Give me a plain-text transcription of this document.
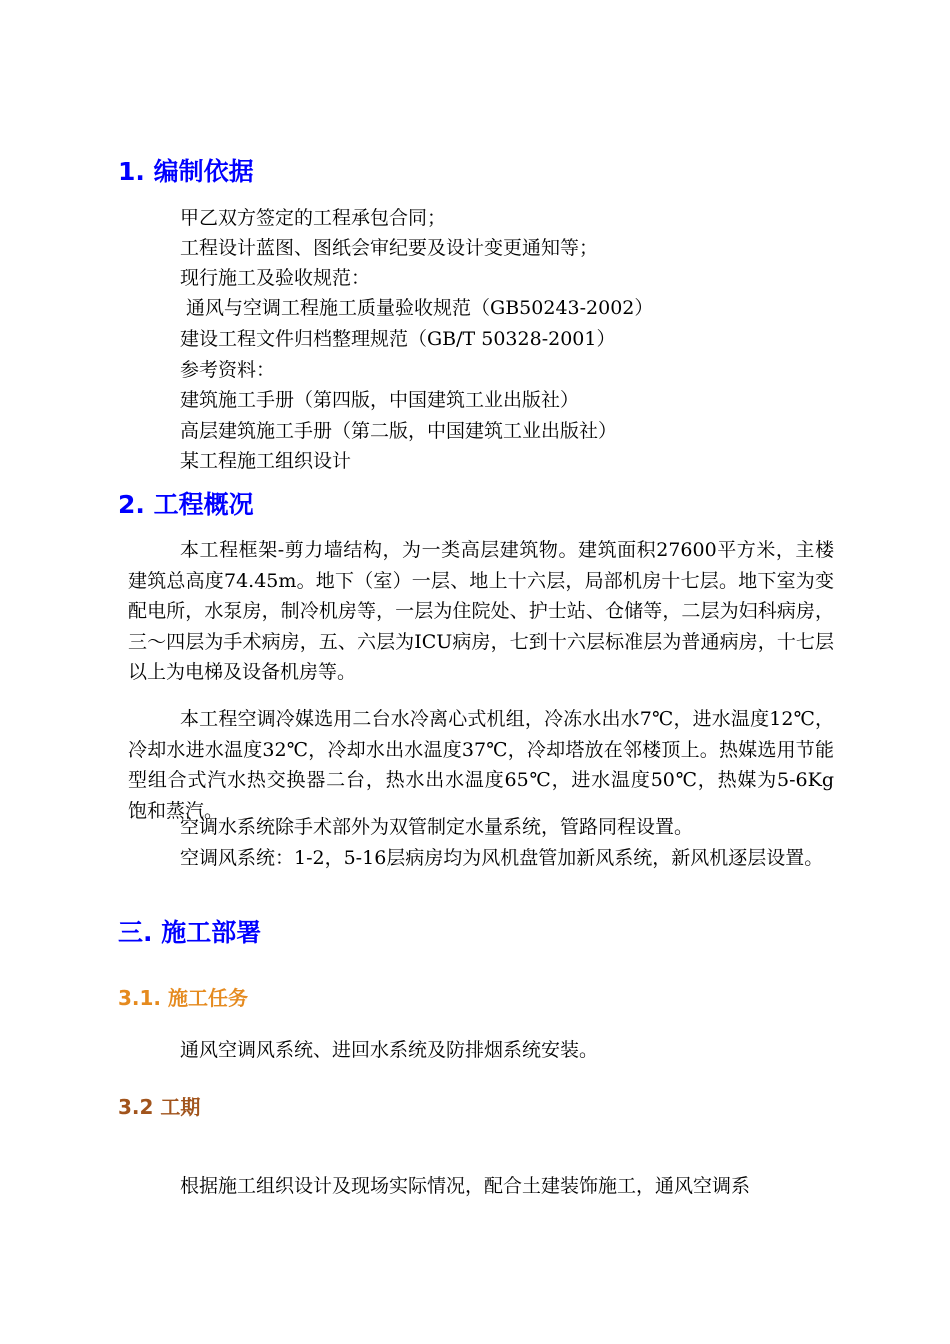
1. 编制依据
甲乙双方签定的工程承包合同；
工程设计蓝图、图纸会审纪要及设计变更通知等；
现行施工及验收规范：
通风与空调工程施工质量验收规范（GB50243-2002）
建设工程文件归档整理规范（GB/T 50328-2001）
参考资料：
建筑施工手册（第四版，中国建筑工业出版社）
高层建筑施工手册（第二版，中国建筑工业出版社）
某工程施工组织设计
2. 工程概况

本工程框架-剪力墙结构，为一类高层建筑物。建筑面积27600平方米，主楼建筑总高度74.45m。地下（室）一层、地上十六层，局部机房十七层。地下室为变配电所，水泵房，制冷机房等，一层为住院处、护士站、仓储等，二层为妇科病房，三～四层为手术病房，五、六层为ICU病房，七到十六层标准层为普通病房，十七层以上为电梯及设备机房等。

本工程空调冷媒选用二台水冷离心式机组，冷冻水出水7℃，进水温度12℃，冷却水进水温度32℃，冷却水出水温度37℃，冷却塔放在邻楼顶上。热媒选用节能型组合式汽水热交换器二台，热水出水温度65℃，进水温度50℃，热媒为5-6Kg  饱和蒸汽。

空调水系统除手术部外为双管制定水量系统，管路同程设置。

空调风系统：1-2，5-16层病房均为风机盘管加新风系统，新风机逐层设置。

三. 施工部署
3.1. 施工任务
通风空调风系统、进回水系统及防排烟系统安装。
3.2 工期
根据施工组织设计及现场实际情况，配合土建装饰施工，通风空调系
